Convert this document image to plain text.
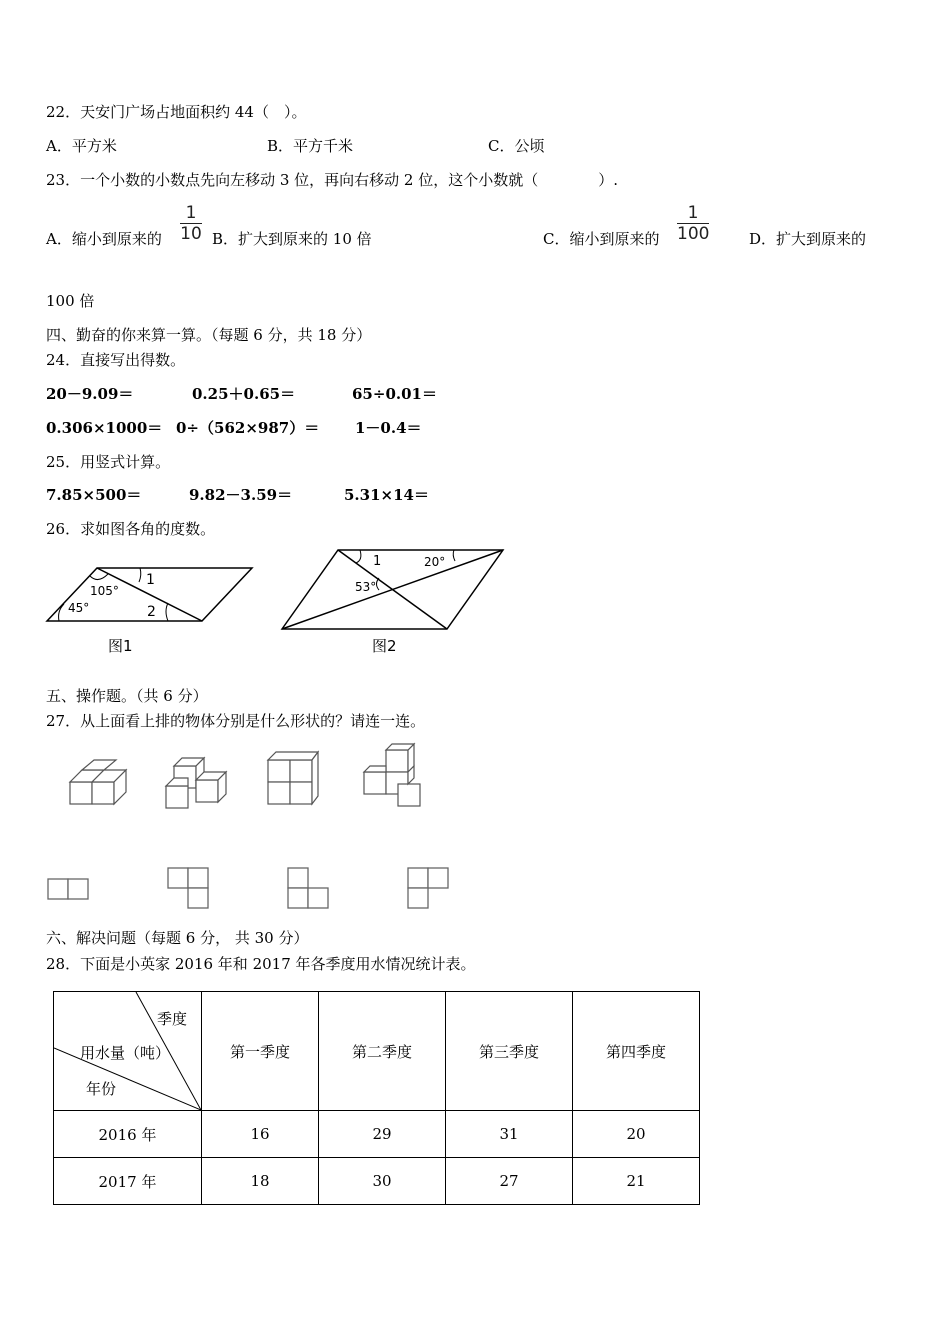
22．天安门广场占地面积约 44（　）。
A．平方米	B．平方千米	C．公顷
23．一个小数的小数点先向左移动 3 位，再向右移动 2 位，这个小数就（　　　　）.
A．缩小到原来的
1
10 B．扩大到原来的 10 倍	C．缩小到原来的
1
100	D．扩大到原来的
100 倍
四、勤奋的你来算一算。（每题 6 分，共 18 分）
24．直接写出得数。
20－9.09＝	0.25＋0.65＝	65÷0.01＝
0.306×1000＝ 0÷（562×987）＝ 1－0.4＝
25．用竖式计算。
7.85×500＝	9.82－3.59＝	5.31×14＝
26．求如图各角的度数。
105°
45°
1
2
图1
1	20°
53°
图2
五、操作题。（共 6 分）
27．从上面看上排的物体分别是什么形状的？请连一连。
六、解决问题（每题 6 分， 共 30 分）
28．下面是小英家 2016 年和 2017 年各季度用水情况统计表。
季度
用水量（吨）
年份	第一季度	第二季度	第三季度	第四季度
2016 年	16	29	31	20
2017 年	18	30	27	21
